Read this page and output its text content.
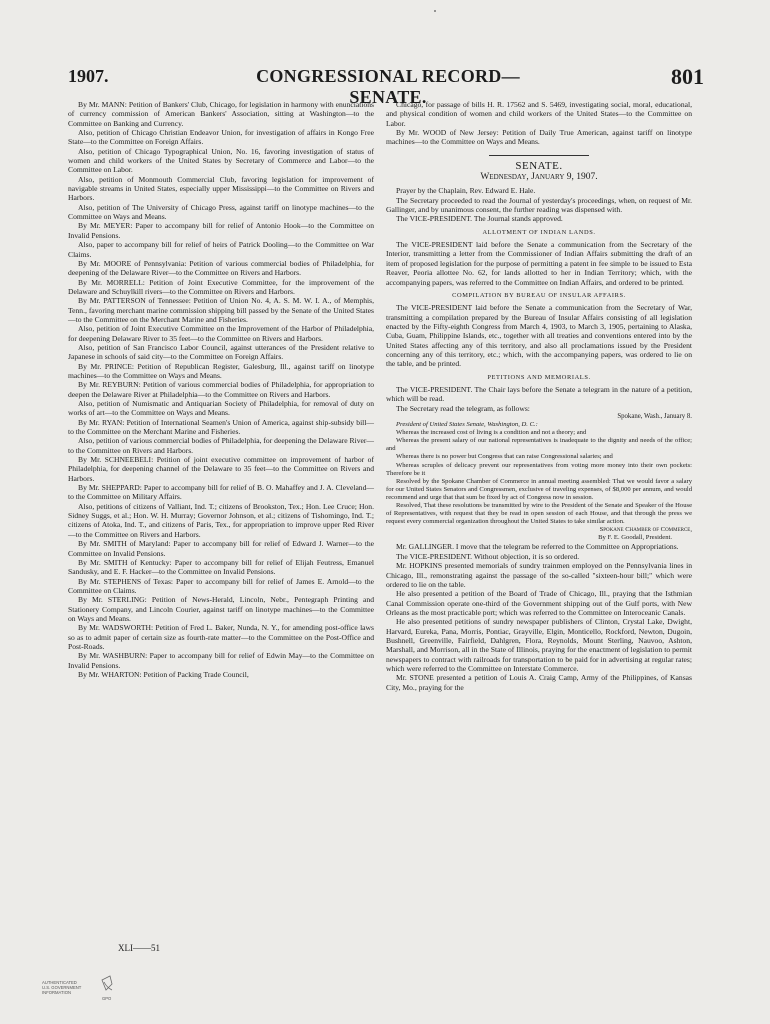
1907.	CONGRESSIONAL RECORD—SENATE.
801

By Mr. MANN: Petition of Bankers' Club, Chicago, for legislation in harmony with enunciations of currency commission of American Bankers' Association, sitting at Washington—to the Committee on Banking and Currency.

Also, petition of Chicago Christian Endeavor Union, for investigation of affairs in Kongo Free State—to the Committee on Foreign Affairs.

Also, petition of Chicago Typographical Union, No. 16, favoring investigation of status of women and child workers of the United States by Secretary of Commerce and Labor—to the Committee on Labor.

Also, petition of Monmouth Commercial Club, favoring legislation for improvement of navigable streams in United States, especially upper Mississippi—to the Committee on Rivers and Harbors.

Also, petition of The University of Chicago Press, against tariff on linotype machines—to the Committee on Ways and Means.

By Mr. MEYER: Paper to accompany bill for relief of Antonio Hook—to the Committee on Invalid Pensions.

Also, paper to accompany bill for relief of heirs of Patrick Dooling—to the Committee on War Claims.

By Mr. MOORE of Pennsylvania: Petition of various commercial bodies of Philadelphia, for deepening of the Delaware River—to the Committee on Rivers and Harbors.

By Mr. MORRELL: Petition of Joint Executive Committee, for the improvement of the Delaware and Schuylkill rivers—to the Committee on Rivers and Harbors.

By Mr. PATTERSON of Tennessee: Petition of Union No. 4, A. S. M. W. I. A., of Memphis, Tenn., favoring merchant marine commission shipping bill passed by the Senate of the United States—to the Committee on the Merchant Marine and Fisheries.

Also, petition of Joint Executive Committee on the Improvement of the Harbor of Philadelphia, for deepening Delaware River to 35 feet—to the Committee on Rivers and Harbors.

Also, petition of San Francisco Labor Council, against utterances of the President relative to Japanese in schools of said city—to the Committee on Foreign Affairs.

By Mr. PRINCE: Petition of Republican Register, Galesburg, Ill., against tariff on linotype machines—to the Committee on Ways and Means.

By Mr. REYBURN: Petition of various commercial bodies of Philadelphia, for appropriation to deepen the Delaware River at Philadelphia—to the Committee on Rivers and Harbors.

Also, petition of Numismatic and Antiquarian Society of Philadelphia, for removal of duty on works of art—to the Committee on Ways and Means.

By Mr. RYAN: Petition of International Seamen's Union of America, against ship-subsidy bill—to the Committee on the Merchant Marine and Fisheries.

Also, petition of various commercial bodies of Philadelphia, for deepening the Delaware River—to the Committee on Rivers and Harbors.

By Mr. SCHNEEBELI: Petition of joint executive committee on improvement of harbor of Philadelphia, for deepening channel of the Delaware to 35 feet—to the Committee on Rivers and Harbors.

By Mr. SHEPPARD: Paper to accompany bill for relief of B. O. Mahaffey and J. A. Cleveland—to the Committee on Military Affairs.

Also, petitions of citizens of Valliant, Ind. T.; citizens of Brookston, Tex.; Hon. Lee Cruce; Hon. Sidney Suggs, et al.; Hon. W. H. Murray; Governor Johnson, et al.; citizens of Tishomingo, Ind. T.; citizens of Atoka, Ind. T., and citizens of Paris, Tex., for appropriation to improve upper Red River—to the Committee on Rivers and Harbors.

By Mr. SMITH of Maryland: Paper to accompany bill for relief of Edward J. Warner—to the Committee on Invalid Pensions.

By Mr. SMITH of Kentucky: Paper to accompany bill for relief of Elijah Feutress, Emanuel Sandusky, and E. F. Hacker—to the Committee on Invalid Pensions.

By Mr. STEPHENS of Texas: Paper to accompany bill for relief of James E. Arnold—to the Committee on Claims.

By Mr. STERLING: Petition of News-Herald, Lincoln, Nebr., Pentegraph Printing and Stationery Company, and Lincoln Courier, against tariff on linotype machines—to the Committee on Ways and Means.

By Mr. WADSWORTH: Petition of Fred L. Baker, Nunda, N. Y., for amending post-office laws so as to admit paper of certain size as fourth-rate matter—to the Committee on the Post-Office and Post-Roads.

By Mr. WASHBURN: Paper to accompany bill for relief of Edwin May—to the Committee on Invalid Pensions.

By Mr. WHARTON: Petition of Packing Trade Council,

Chicago, for passage of bills H. R. 17562 and S. 5469, investigating social, moral, educational, and physical condition of women and child workers of the United States—to the Committee on Labor.

By Mr. WOOD of New Jersey: Petition of Daily True American, against tariff on linotype machines—to the Committee on Ways and Means.

SENATE.
Wednesday, January 9, 1907.

Prayer by the Chaplain, Rev. Edward E. Hale.

The Secretary proceeded to read the Journal of yesterday's proceedings, when, on request of Mr. Gallinger, and by unanimous consent, the further reading was dispensed with.

The VICE-PRESIDENT. The Journal stands approved.

ALLOTMENT OF INDIAN LANDS.

The VICE-PRESIDENT laid before the Senate a communication from the Secretary of the Interior, transmitting a letter from the Commissioner of Indian Affairs submitting the draft of an item of proposed legislation for the purpose of permitting a patent in fee simple to be issued to Esta Reaver, Peoria allottee No. 62, for lands allotted to her in Indian Territory; which, with the accompanying papers, was referred to the Committee on Indian Affairs, and ordered to be printed.

COMPILATION BY BUREAU OF INSULAR AFFAIRS.

The VICE-PRESIDENT laid before the Senate a communication from the Secretary of War, transmitting a compilation prepared by the Bureau of Insular Affairs consisting of all legislation enacted by the Fifty-eighth Congress from March 4, 1903, to March 3, 1905, pertaining to Alaska, Cuba, Guam, Philippine Islands, etc., together with all treaties and conventions entered into by the United States affecting any of this territory, and also all proclamations issued by the President concerning any of this territory, etc.; which, with the accompanying papers, was ordered to lie on the table, and be printed.

PETITIONS AND MEMORIALS.

The VICE-PRESIDENT. The Chair lays before the Senate a telegram in the nature of a petition, which will be read.

The Secretary read the telegram, as follows:

Spokane, Wash., January 8.

President of United States Senate, Washington, D. C.:

Whereas the increased cost of living is a condition and not a theory; and

Whereas the present salary of our national representatives is inadequate to the dignity and needs of the office; and

Whereas there is no power but Congress that can raise Congressional salaries; and

Whereas scruples of delicacy prevent our representatives from voting more money into their own pockets: Therefore be it

Resolved by the Spokane Chamber of Commerce in annual meeting assembled: That we would favor a salary for our United States Senators and Congressmen, exclusive of traveling expenses, of $8,000 per annum, and would recommend and urge that that sum be fixed by act of Congress now in session.

Resolved, That these resolutions be transmitted by wire to the President of the Senate and Speaker of the House of Representatives, with request that they be read in open session of each House, and that through the press we request every commercial organization throughout the United States to take similar action.

Spokane Chamber of Commerce,
By F. E. Goodall, President.

Mr. GALLINGER. I move that the telegram be referred to the Committee on Appropriations.

The VICE-PRESIDENT. Without objection, it is so ordered.

Mr. HOPKINS presented memorials of sundry trainmen employed on the Pennsylvania lines in Chicago, Ill., remonstrating against the passage of the so-called "sixteen-hour bill;" which were ordered to lie on the table.

He also presented a petition of the Board of Trade of Chicago, Ill., praying that the Isthmian Canal Commission operate one-third of the Government shipping out of the Gulf ports, with New Orleans as the most practicable port; which was referred to the Committee on Interoceanic Canals.

He also presented petitions of sundry newspaper publishers of Clinton, Crystal Lake, Dwight, Harvard, Eureka, Pana, Morris, Pontiac, Grayville, Elgin, Monticello, Rockford, Newton, Dugoin, Bushnell, Greenville, Fairfield, Dahlgren, Flora, Reynolds, Mount Sterling, Nauvoo, Ashton, Marshall, and Morrison, all in the State of Illinois, praying for the enactment of legislation to permit newspapers to contract with railroads for transportation to be paid for in advertising at regular rates; which were referred to the Committee on Interstate Commerce.

Mr. STONE presented a petition of Louis A. Craig Camp, Army of the Philippines, of Kansas City, Mo., praying for the

XLI——51
AUTHENTICATED
U.S. GOVERNMENT
INFORMATION
GPO
